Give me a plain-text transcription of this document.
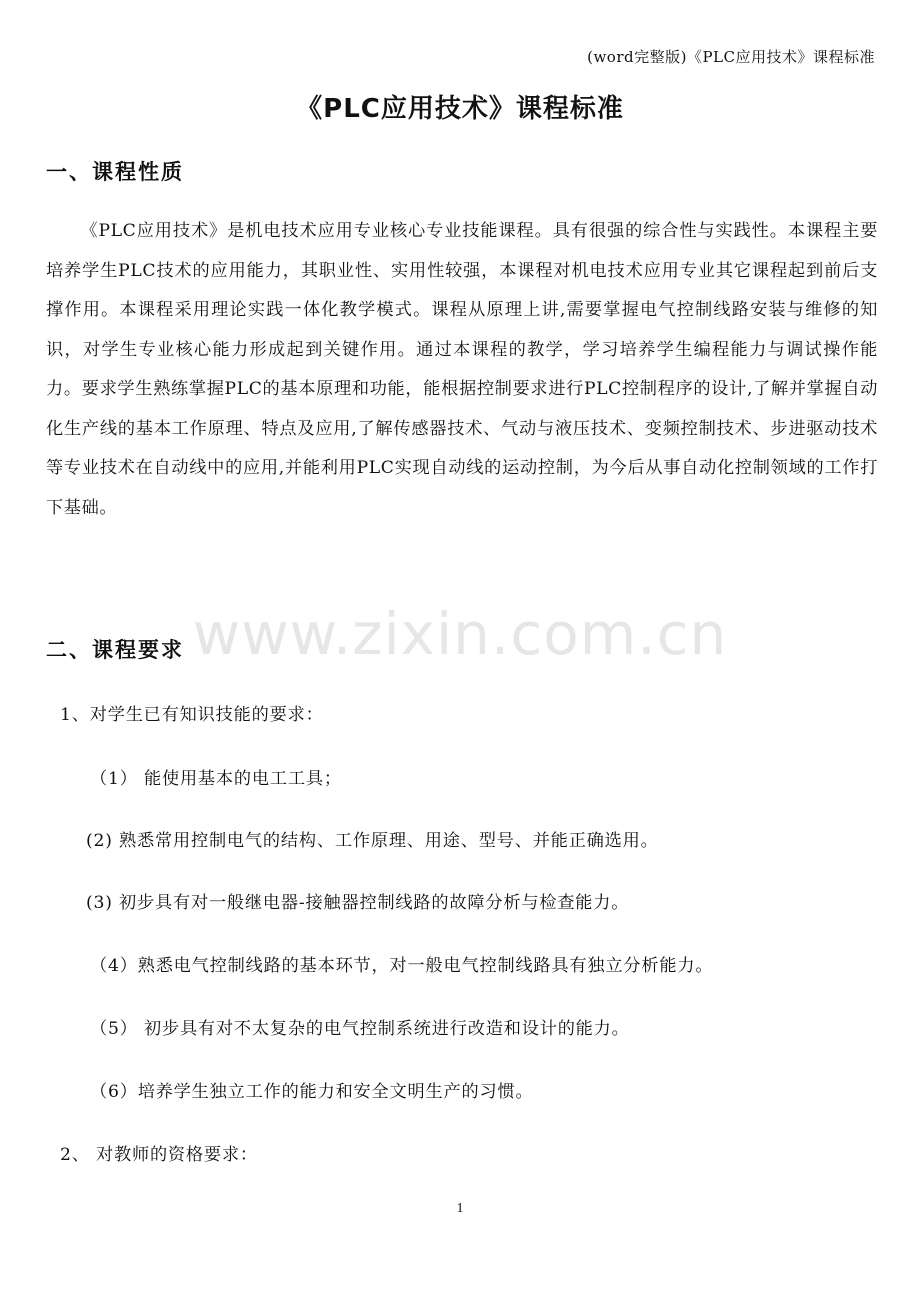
(word完整版)《PLC应用技术》课程标准
《PLC应用技术》课程标准
一、课程性质
《PLC应用技术》是机电技术应用专业核心专业技能课程。具有很强的综合性与实践性。本课程主要培养学生PLC技术的应用能力，其职业性、实用性较强，本课程对机电技术应用专业其它课程起到前后支撑作用。本课程采用理论实践一体化教学模式。课程从原理上讲,需要掌握电气控制线路安装与维修的知识，对学生专业核心能力形成起到关键作用。通过本课程的教学，学习培养学生编程能力与调试操作能力。要求学生熟练掌握PLC的基本原理和功能，能根据控制要求进行PLC控制程序的设计,了解并掌握自动化生产线的基本工作原理、特点及应用,了解传感器技术、气动与液压技术、变频控制技术、步进驱动技术等专业技术在自动线中的应用,并能利用PLC实现自动线的运动控制，为今后从事自动化控制领域的工作打下基础。
www.zixin.com.cn
二、课程要求
1、对学生已有知识技能的要求：
（1） 能使用基本的电工工具；
(2) 熟悉常用控制电气的结构、工作原理、用途、型号、并能正确选用。
(3) 初步具有对一般继电器-接触器控制线路的故障分析与检查能力。
（4）熟悉电气控制线路的基本环节，对一般电气控制线路具有独立分析能力。
（5） 初步具有对不太复杂的电气控制系统进行改造和设计的能力。
（6）培养学生独立工作的能力和安全文明生产的习惯。
2、 对教师的资格要求：
1
